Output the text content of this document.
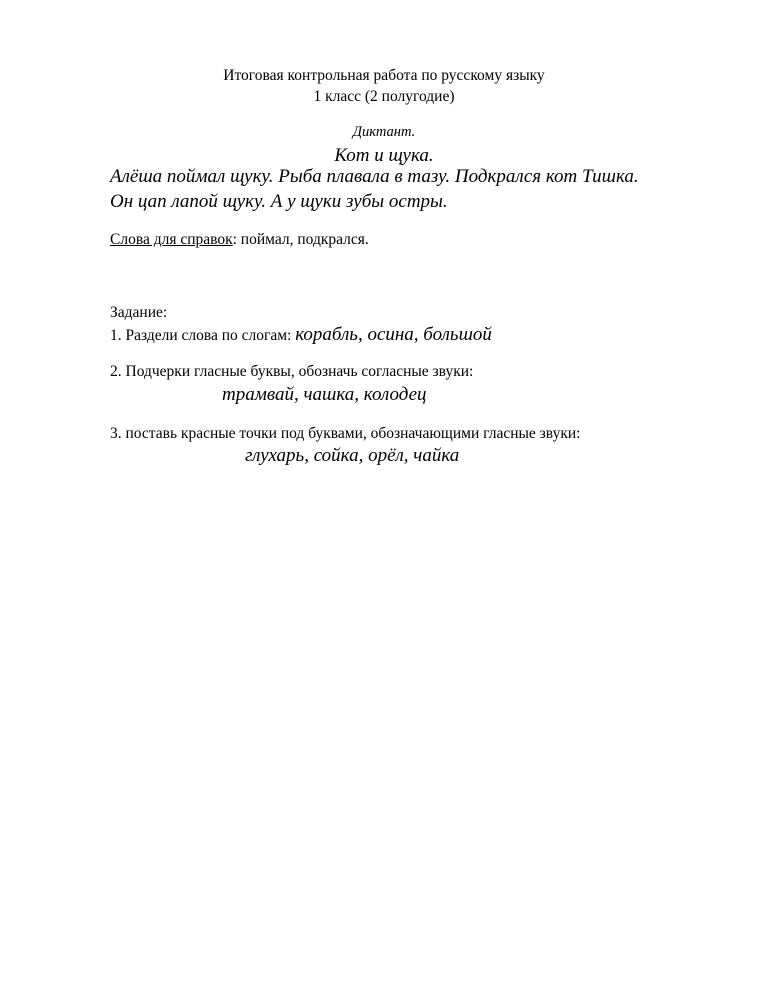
Итоговая контрольная работа по русскому языку
1 класс (2 полугодие)
Диктант.
Кот и щука.
Алёша поймал щуку. Рыба плавала в тазу. Подкрался кот Тишка.
Он цап лапой щуку. А у щуки зубы остры.
Слова для справок: поймал, подкрался.
Задание:
1. Раздели слова по слогам: корабль, осина, большой
2. Подчерки гласные буквы, обозначь согласные звуки:
трамвай, чашка, колодец
3. поставь красные точки под буквами, обозначающими гласные звуки:
глухарь, сойка, орёл, чайка
